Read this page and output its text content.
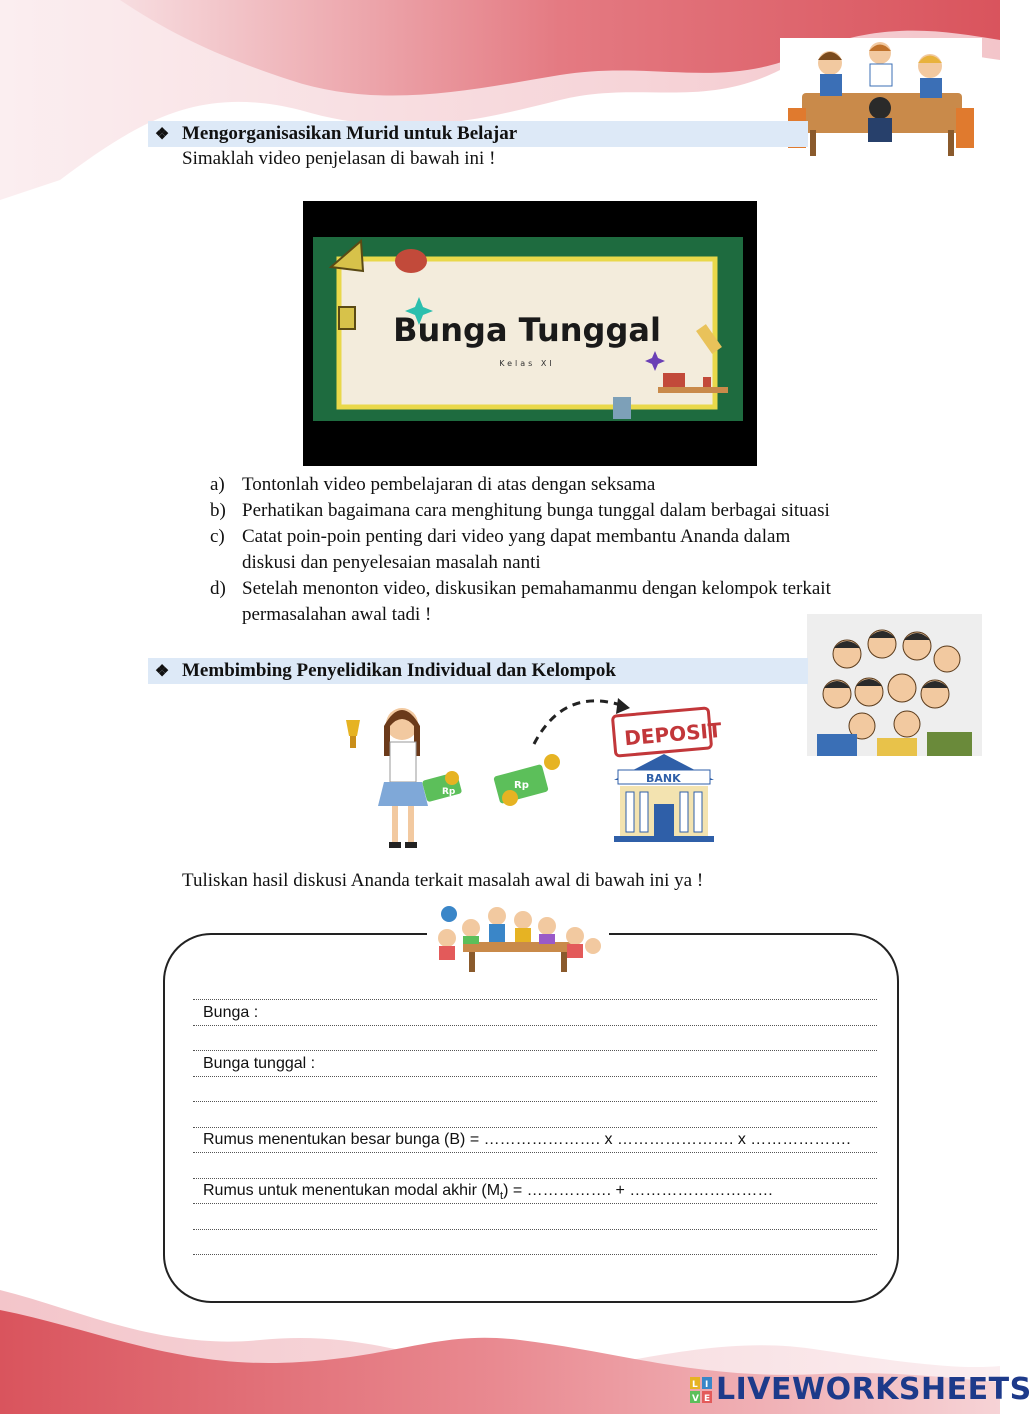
❖ Mengorganisasikan Murid untuk Belajar
Simaklah video penjelasan di bawah ini !
Bunga Tunggal
Kelas XI
a) Tontonlah video pembelajaran di atas dengan seksama
b) Perhatikan bagaimana cara menghitung bunga tunggal dalam berbagai situasi
c) Catat poin-poin penting dari video yang dapat membantu Ananda dalam
diskusi dan penyelesaian masalah nanti
d) Setelah menonton video, diskusikan pemahamanmu dengan kelompok terkait
permasalahan awal tadi !
❖ Membimbing Penyelidikan Individual dan Kelompok
Rp
Rp
DEPOSIT
BANK
Tuliskan hasil diskusi Ananda terkait masalah awal di bawah ini ya !
Bunga :
Bunga tunggal :
Rumus menentukan besar bunga (B) = …………………. x …………………. x ……………….
Rumus untuk menentukan modal akhir $(M_t)$ = ……………. + ………………………
L I
V E LIVEWORKSHEETS
